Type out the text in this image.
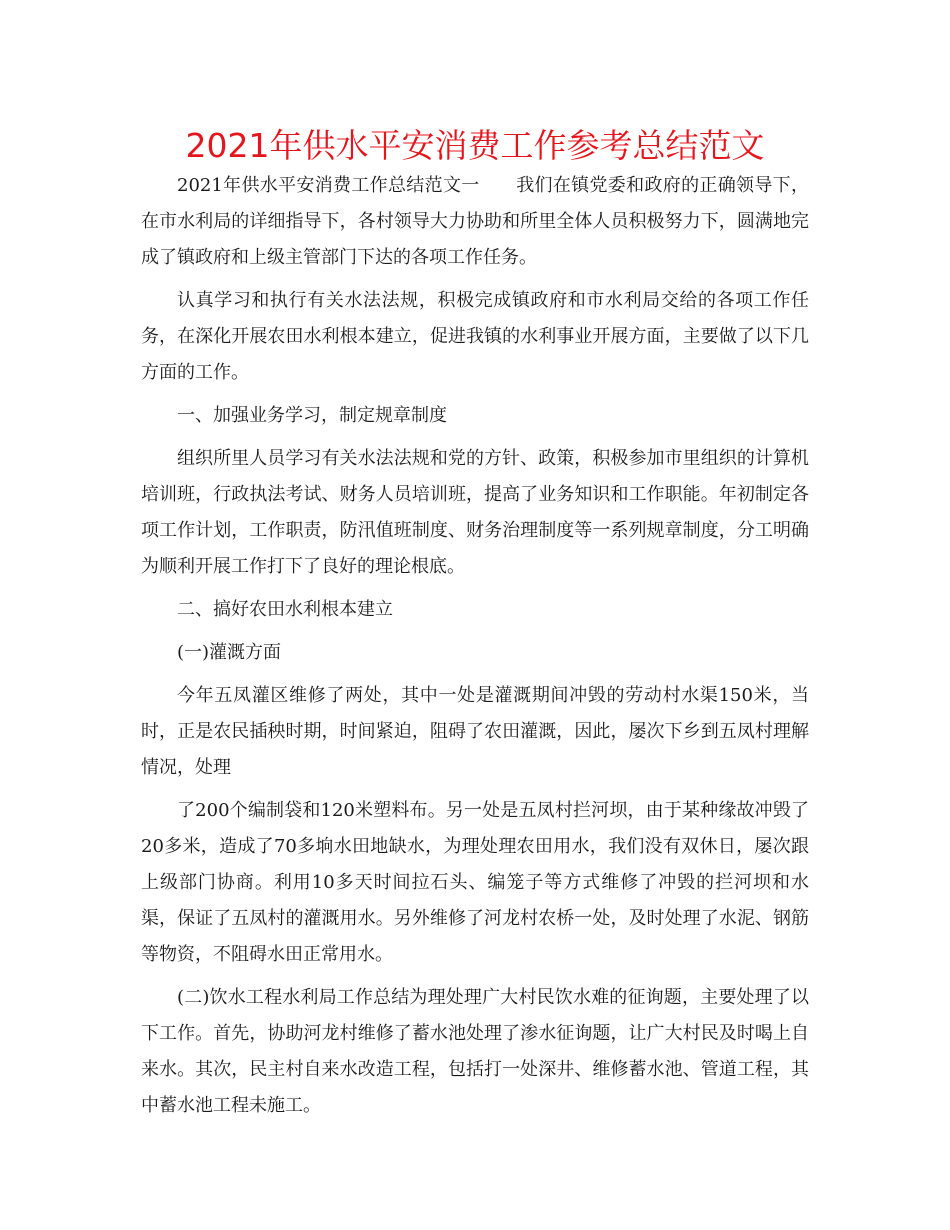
2021年供水平安消费工作参考总结范文

2021年供水平安消费工作总结范文一　　我们在镇党委和政府的正确领导下，在市水利局的详细指导下，各村领导大力协助和所里全体人员积极努力下，圆满地完成了镇政府和上级主管部门下达的各项工作任务。

认真学习和执行有关水法法规，积极完成镇政府和市水利局交给的各项工作任务，在深化开展农田水利根本建立，促进我镇的水利事业开展方面，主要做了以下几方面的工作。

一、加强业务学习，制定规章制度

组织所里人员学习有关水法法规和党的方针、政策，积极参加市里组织的计算机培训班，行政执法考试、财务人员培训班，提高了业务知识和工作职能。年初制定各项工作计划，工作职责，防汛值班制度、财务治理制度等一系列规章制度，分工明确为顺利开展工作打下了良好的理论根底。

二、搞好农田水利根本建立

(一)灌溉方面

今年五凤灌区维修了两处，其中一处是灌溉期间冲毁的劳动村水渠150米，当时，正是农民插秧时期，时间紧迫，阻碍了农田灌溉，因此，屡次下乡到五凤村理解情况，处理

了200个编制袋和120米塑料布。另一处是五凤村拦河坝，由于某种缘故冲毁了20多米，造成了70多垧水田地缺水，为理处理农田用水，我们没有双休日，屡次跟上级部门协商。利用10多天时间拉石头、编笼子等方式维修了冲毁的拦河坝和水渠，保证了五凤村的灌溉用水。另外维修了河龙村农桥一处，及时处理了水泥、钢筋等物资，不阻碍水田正常用水。

(二)饮水工程水利局工作总结为理处理广大村民饮水难的征询题，主要处理了以下工作。首先，协助河龙村维修了蓄水池处理了渗水征询题，让广大村民及时喝上自来水。其次，民主村自来水改造工程，包括打一处深井、维修蓄水池、管道工程，其中蓄水池工程未施工。
